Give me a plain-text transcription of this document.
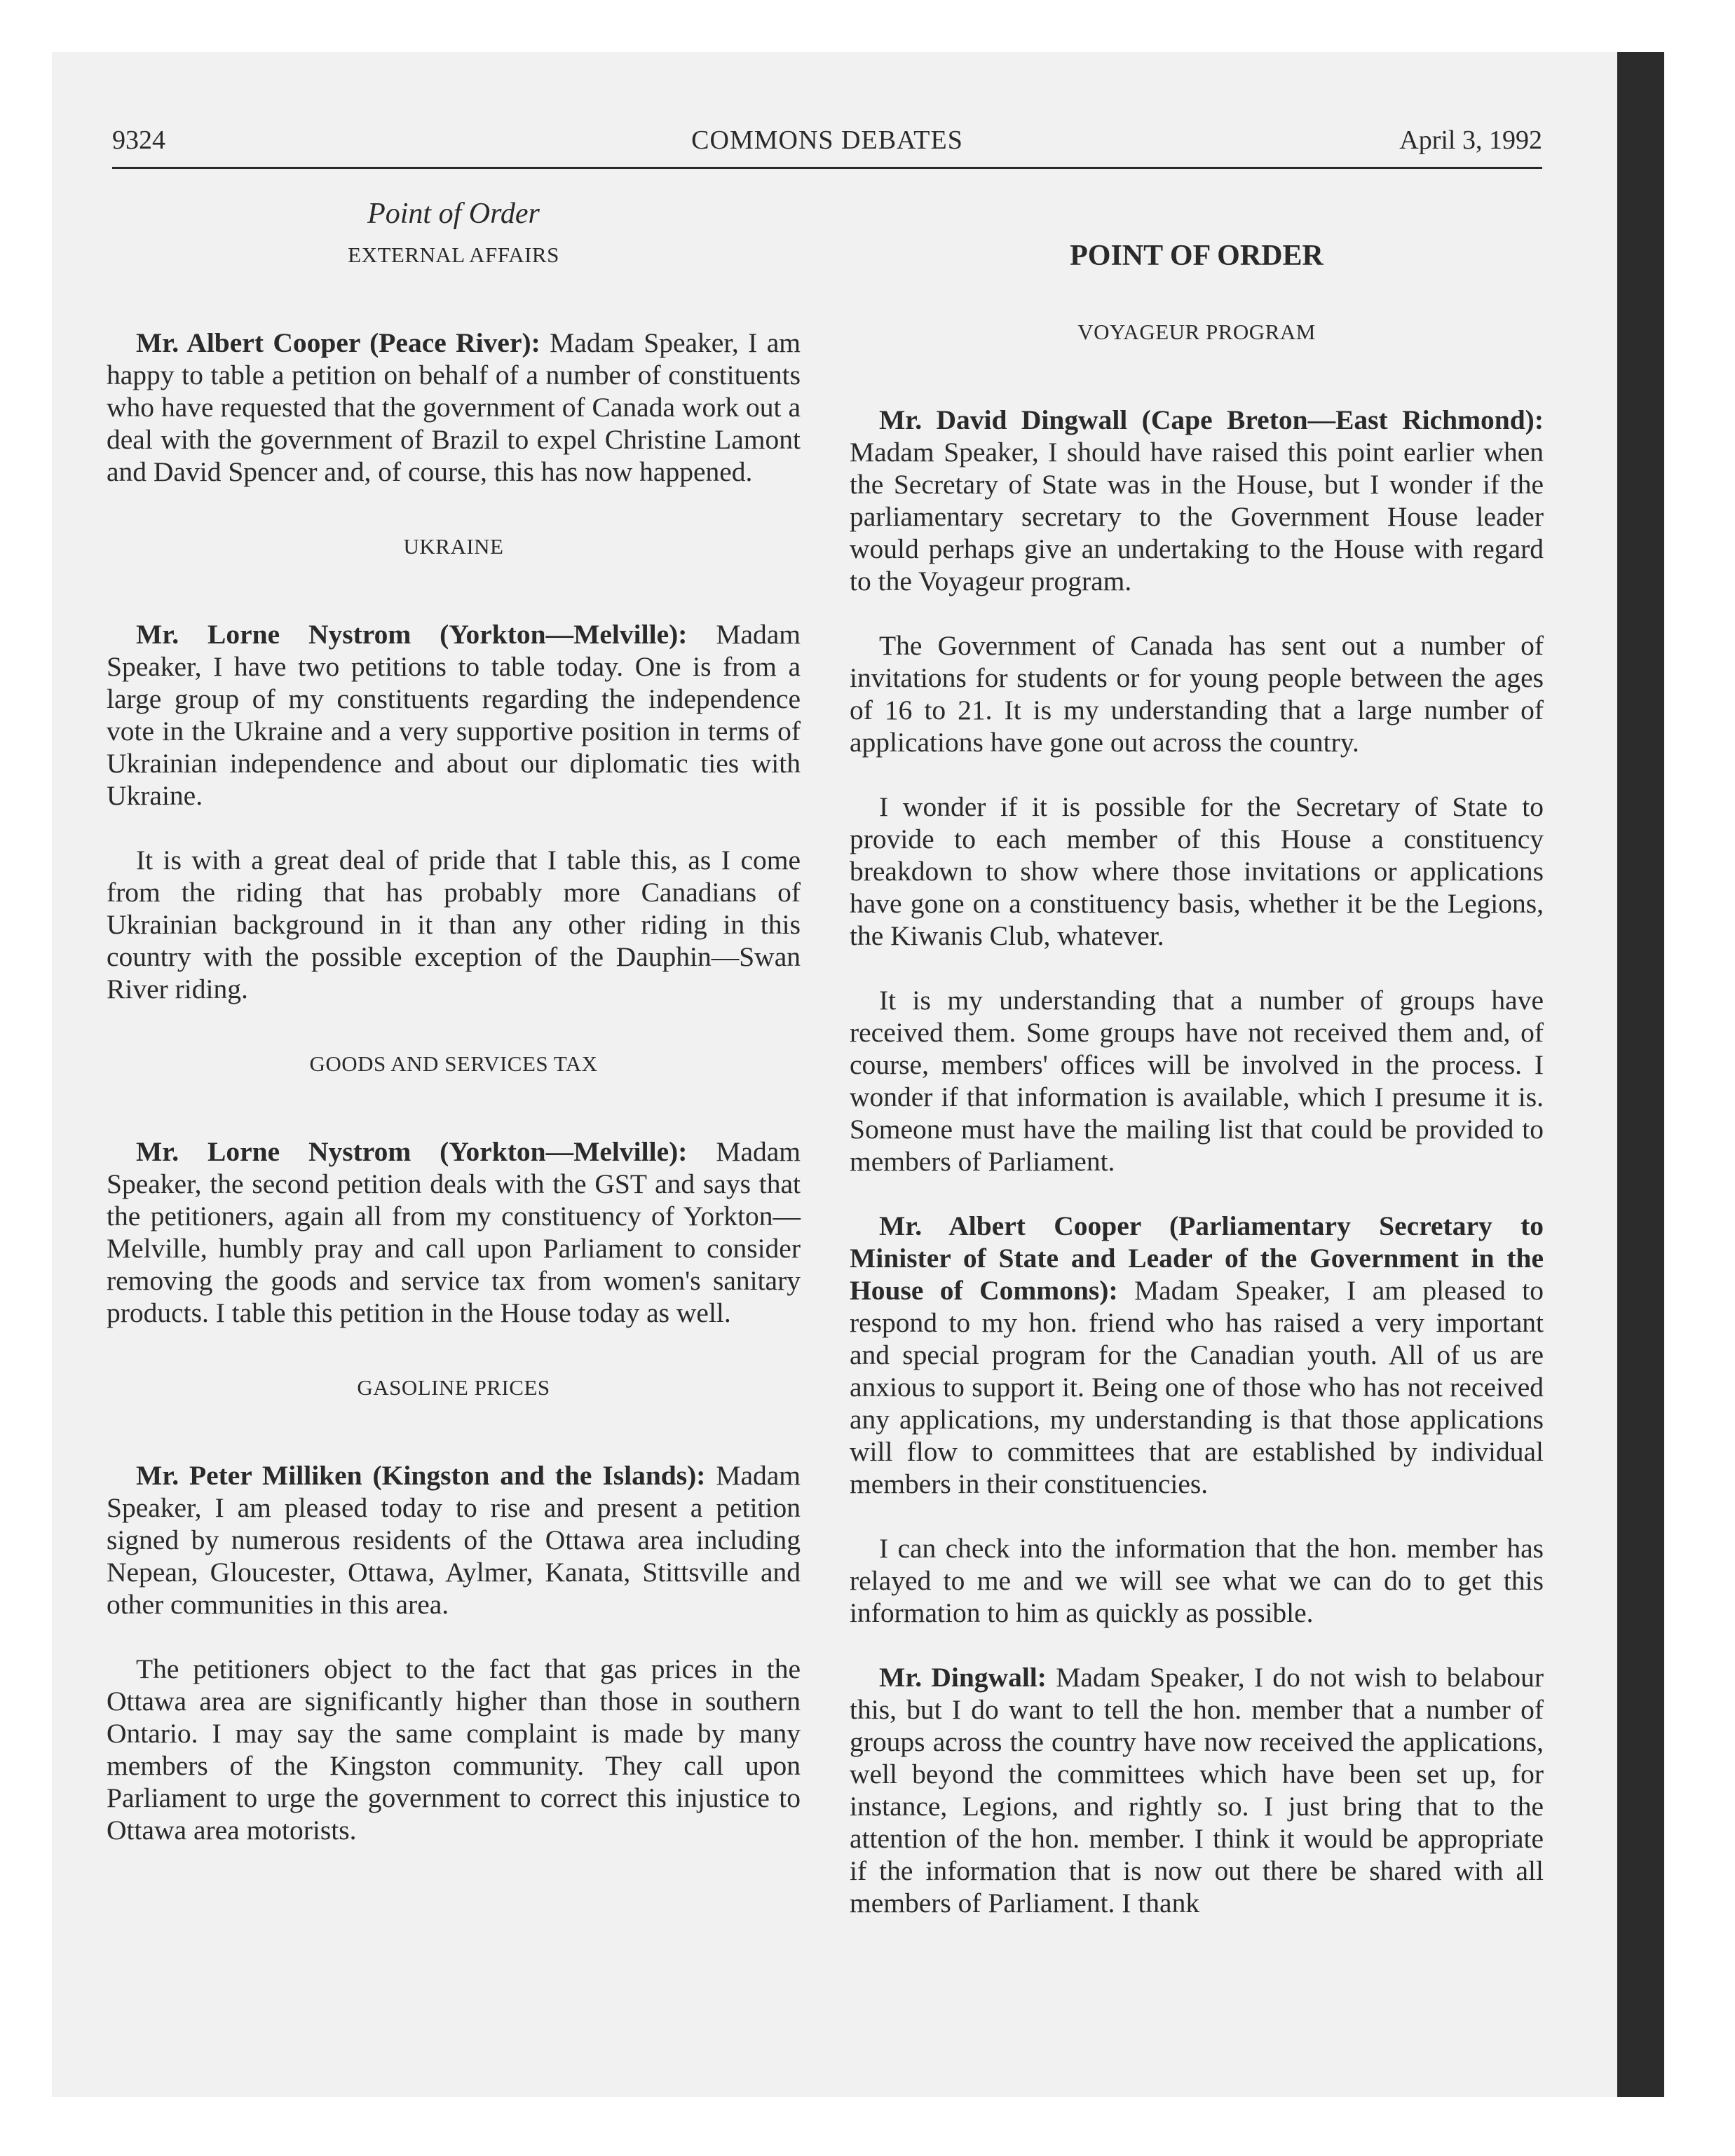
9324	COMMONS DEBATES	April 3, 1992

Point of Order

EXTERNAL AFFAIRS

Mr. Albert Cooper (Peace River): Madam Speaker, I am happy to table a petition on behalf of a number of constituents who have requested that the government of Canada work out a deal with the government of Brazil to expel Christine Lamont and David Spencer and, of course, this has now happened.

UKRAINE

Mr. Lorne Nystrom (Yorkton—Melville): Madam Speaker, I have two petitions to table today. One is from a large group of my constituents regarding the independence vote in the Ukraine and a very supportive position in terms of Ukrainian independence and about our diplomatic ties with Ukraine.

It is with a great deal of pride that I table this, as I come from the riding that has probably more Canadians of Ukrainian background in it than any other riding in this country with the possible exception of the Dauphin—Swan River riding.

GOODS AND SERVICES TAX

Mr. Lorne Nystrom (Yorkton—Melville): Madam Speaker, the second petition deals with the GST and says that the petitioners, again all from my constituency of Yorkton—Melville, humbly pray and call upon Parliament to consider removing the goods and service tax from women's sanitary products. I table this petition in the House today as well.

GASOLINE PRICES

Mr. Peter Milliken (Kingston and the Islands): Madam Speaker, I am pleased today to rise and present a petition signed by numerous residents of the Ottawa area including Nepean, Gloucester, Ottawa, Aylmer, Kanata, Stittsville and other communities in this area.

The petitioners object to the fact that gas prices in the Ottawa area are significantly higher than those in southern Ontario. I may say the same complaint is made by many members of the Kingston community. They call upon Parliament to urge the government to correct this injustice to Ottawa area motorists.

POINT OF ORDER

VOYAGEUR PROGRAM

Mr. David Dingwall (Cape Breton—East Richmond): Madam Speaker, I should have raised this point earlier when the Secretary of State was in the House, but I wonder if the parliamentary secretary to the Government House leader would perhaps give an undertaking to the House with regard to the Voyageur program.

The Government of Canada has sent out a number of invitations for students or for young people between the ages of 16 to 21. It is my understanding that a large number of applications have gone out across the country.

I wonder if it is possible for the Secretary of State to provide to each member of this House a constituency breakdown to show where those invitations or applications have gone on a constituency basis, whether it be the Legions, the Kiwanis Club, whatever.

It is my understanding that a number of groups have received them. Some groups have not received them and, of course, members' offices will be involved in the process. I wonder if that information is available, which I presume it is. Someone must have the mailing list that could be provided to members of Parliament.

Mr. Albert Cooper (Parliamentary Secretary to Minister of State and Leader of the Government in the House of Commons): Madam Speaker, I am pleased to respond to my hon. friend who has raised a very important and special program for the Canadian youth. All of us are anxious to support it. Being one of those who has not received any applications, my understanding is that those applications will flow to committees that are established by individual members in their constituencies.

I can check into the information that the hon. member has relayed to me and we will see what we can do to get this information to him as quickly as possible.

Mr. Dingwall: Madam Speaker, I do not wish to belabour this, but I do want to tell the hon. member that a number of groups across the country have now received the applications, well beyond the committees which have been set up, for instance, Legions, and rightly so. I just bring that to the attention of the hon. member. I think it would be appropriate if the information that is now out there be shared with all members of Parliament. I thank
